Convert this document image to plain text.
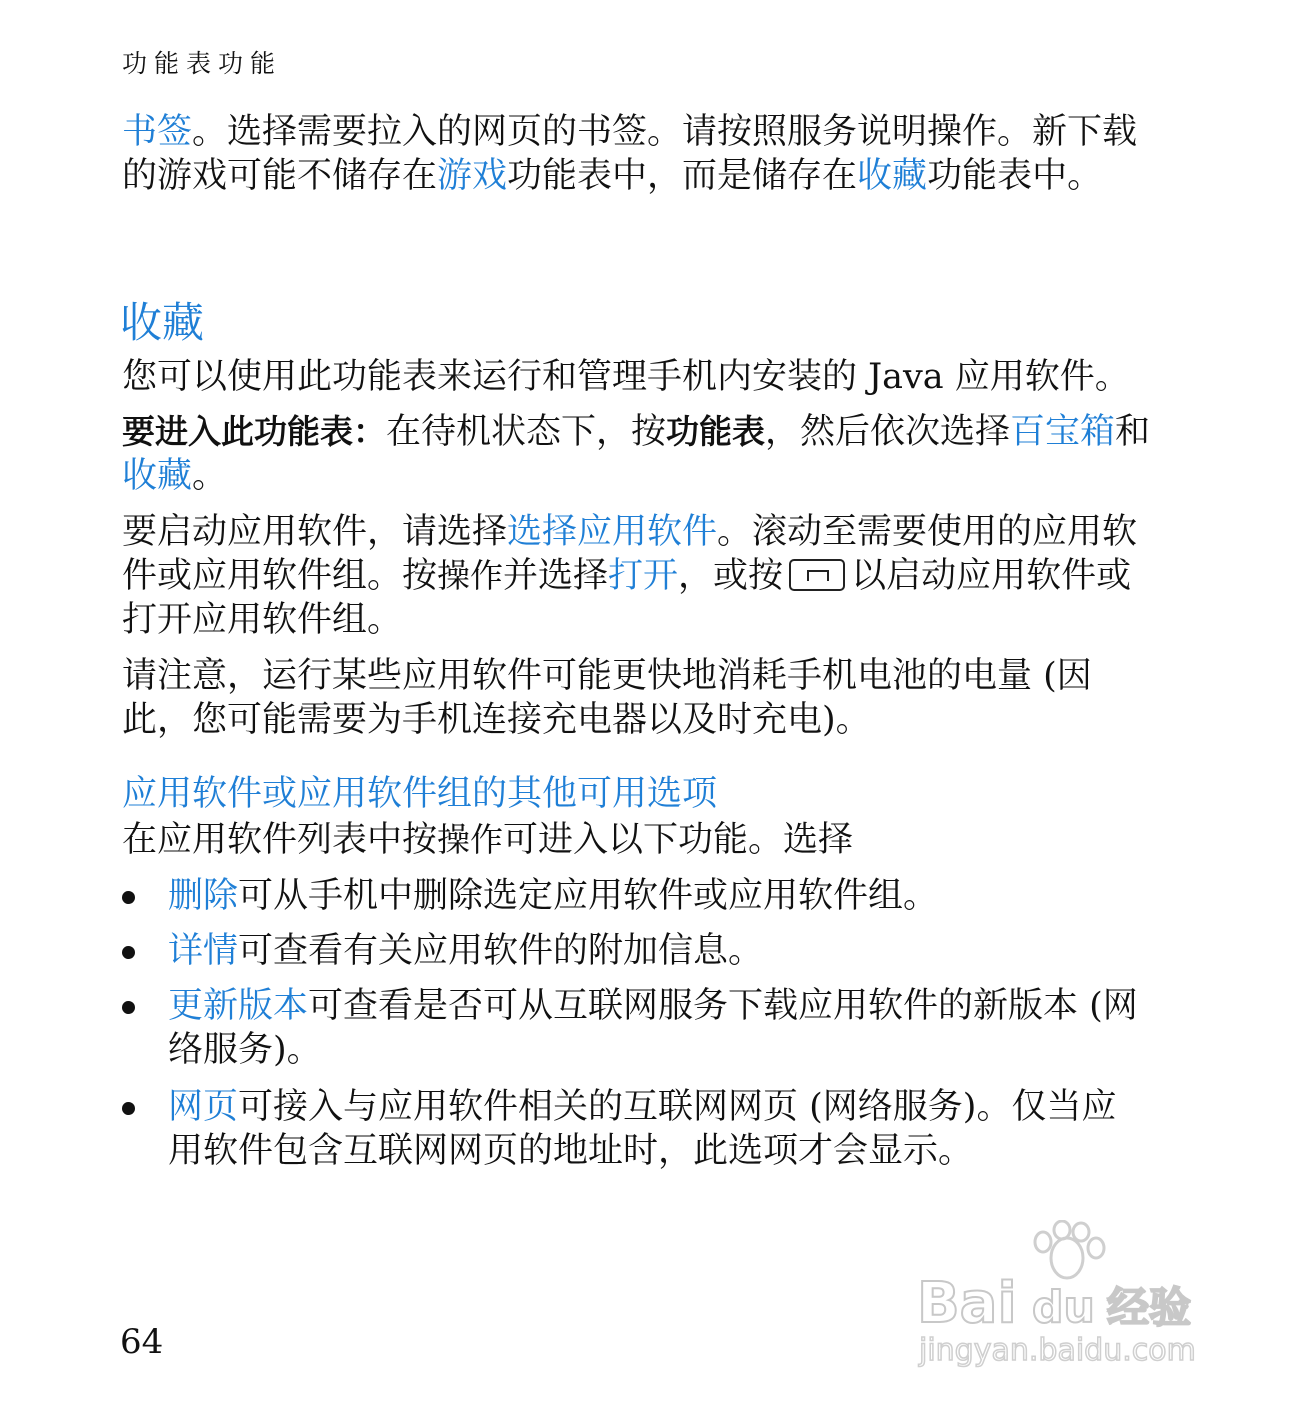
功能表功能
书签。选择需要拉入的网页的书签。请按照服务说明操作。新下载的游戏可能不储存在游戏功能表中，而是储存在收藏功能表中。
收藏
您可以使用此功能表来运行和管理手机内安装的 Java 应用软件。
要进入此功能表：在待机状态下，按功能表，然后依次选择百宝箱和收藏。
要启动应用软件，请选择选择应用软件。滚动至需要使用的应用软件或应用软件组。按操作并选择打开，或按 以启动应用软件或打开应用软件组。
请注意，运行某些应用软件可能更快地消耗手机电池的电量 (因此，您可能需要为手机连接充电器以及时充电)。
应用软件或应用软件组的其他可用选项
在应用软件列表中按操作可进入以下功能。选择
删除可从手机中删除选定应用软件或应用软件组。
详情可查看有关应用软件的附加信息。
更新版本可查看是否可从互联网服务下载应用软件的新版本 (网络服务)。
网页可接入与应用软件相关的互联网网页 (网络服务)。仅当应用软件包含互联网网页的地址时，此选项才会显示。
64
Bai du 经验
jingyan.baidu.com
